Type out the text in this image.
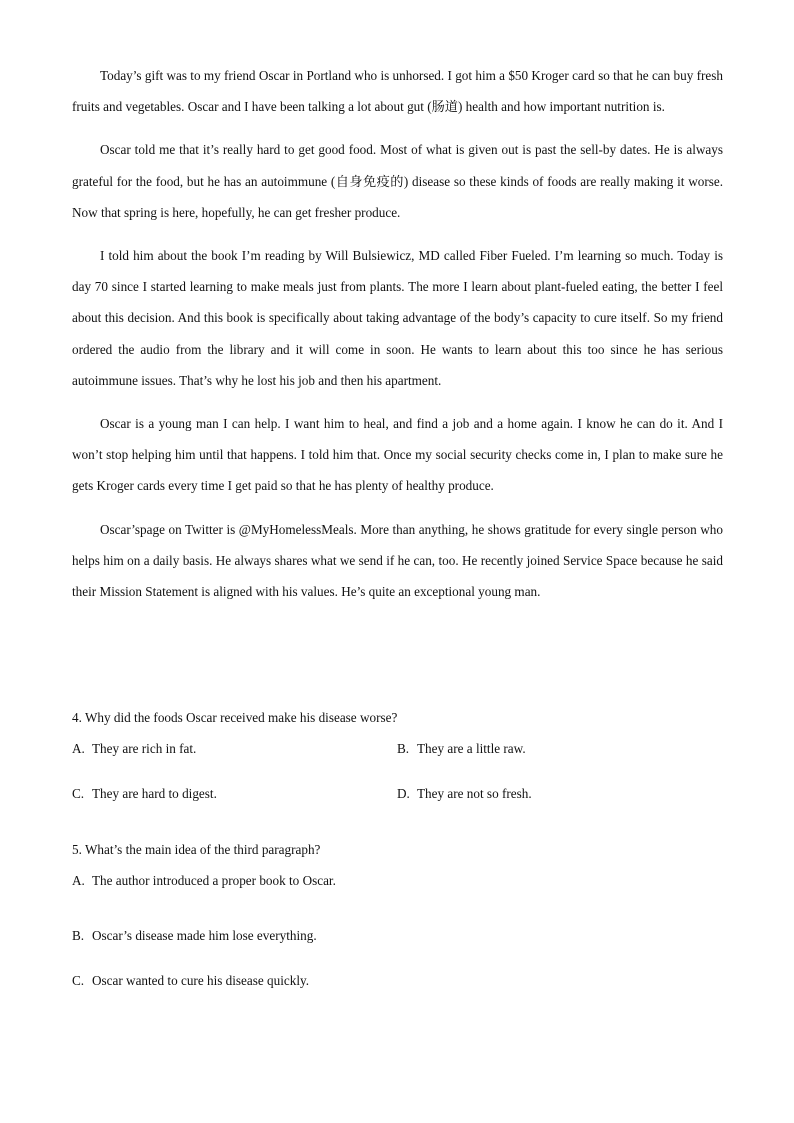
Today’s gift was to my friend Oscar in Portland who is unhorsed. I got him a $50 Kroger card so that he can buy fresh fruits and vegetables. Oscar and I have been talking a lot about gut (肠道) health and how important nutrition is.

Oscar told me that it’s really hard to get good food. Most of what is given out is past the sell-by dates. He is always grateful for the food, but he has an autoimmune (自身免疫的) disease so these kinds of foods are really making it worse. Now that spring is here, hopefully, he can get fresher produce.

I told him about the book I’m reading by Will Bulsiewicz, MD called Fiber Fueled. I’m learning so much. Today is day 70 since I started learning to make meals just from plants. The more I learn about plant-fueled eating, the better I feel about this decision. And this book is specifically about taking advantage of the body’s capacity to cure itself. So my friend ordered the audio from the library and it will come in soon. He wants to learn about this too since he has serious autoimmune issues. That’s why he lost his job and then his apartment.

Oscar is a young man I can help. I want him to heal, and find a job and a home again. I know he can do it. And I won’t stop helping him until that happens. I told him that. Once my social security checks come in, I plan to make sure he gets Kroger cards every time I get paid so that he has plenty of healthy produce.

Oscar’spage on Twitter is @MyHomelessMeals. More than anything, he shows gratitude for every single person who helps him on a daily basis. He always shares what we send if he can, too. He recently joined Service Space because he said their Mission Statement is aligned with his values. He’s quite an exceptional young man.

4. Why did the foods Oscar received make his disease worse?
A. They are rich in fat.	B. They are a little raw.
C. They are hard to digest.	D. They are not so fresh.
5. What’s the main idea of the third paragraph?
A. The author introduced a proper book to Oscar.
B. Oscar’s disease made him lose everything.
C. Oscar wanted to cure his disease quickly.
